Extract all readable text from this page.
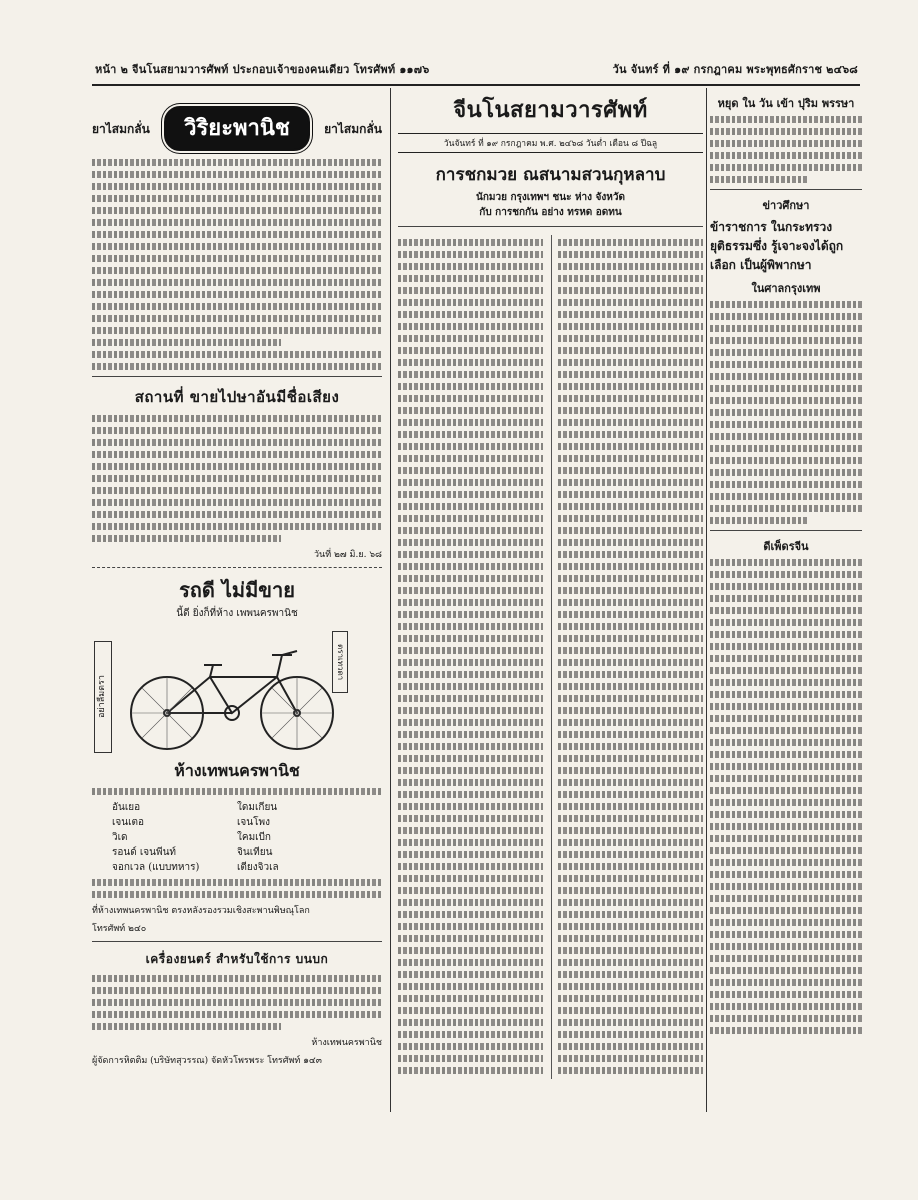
หน้า ๒ จีนโนสยามวารศัพท์ ประกอบเจ้าของคนเดียว โทรศัพท์ ๑๑๗๖	วัน จันทร์ ที่ ๑๙ กรกฎาคม พระพุทธศักราช ๒๔๖๘
ยาไสมกลั่น	วิริยะพานิช	ยาไสมกลั่น
สถานที่ ขายไปษาอันมีชื่อเสียง
วันที่ ๒๗ มิ.ย. ๖๘
รถดี ไม่มีขาย
นี้ดี ยิ่งก็ที่ห้าง เพพนครพานิช
อย่าลืมตรา
ตราเทวดา
ห้างเทพนครพานิช
อันเยอ	ใดมเกียน
เจนเตอ	เจนโพง
วิเด	ใคมเบีก
รอนด์ เจนพีนท์	จินเทียน
จอกเวล (แบบทหาร)	เตียงจิวเล
ที่ห้างเทพนครพานิช ตรงหลังรองรวมเชิงสะพานพิษณุโลก
โทรศัพท์ ๒๔๐
เครื่องยนตร์ สำหรับใช้การ บนบก
ห้างเทพนครพานิช
ผู้จัดการหิตติม (บริษัทสุวรรณ) จัดหัวโพรพระ โทรศัพท์ ๑๔๓
จีนโนสยามวารศัพท์
วันจันทร์ ที่ ๑๙ กรกฎาคม พ.ศ. ๒๔๖๘ วันต่ำ เดือน ๘ ปีฉลู
การชกมวย ณสนามสวนกุหลาบ
นักมวย กรุงเทพฯ ชนะ ห่าง จังหวัด
กับ การชกกัน อย่าง ทรหด อดทน
หยุด ใน วัน เข้า ปุริม พรรษา
ข่าวศึกษา
ข้าราชการ ในกระทรวงยุติธรรมซึ่ง รู้เจาะจงได้ถูกเลือก เป็นผู้พิพากษา
ในศาลกรุงเทพ
ดีเพ็ดรจีน
